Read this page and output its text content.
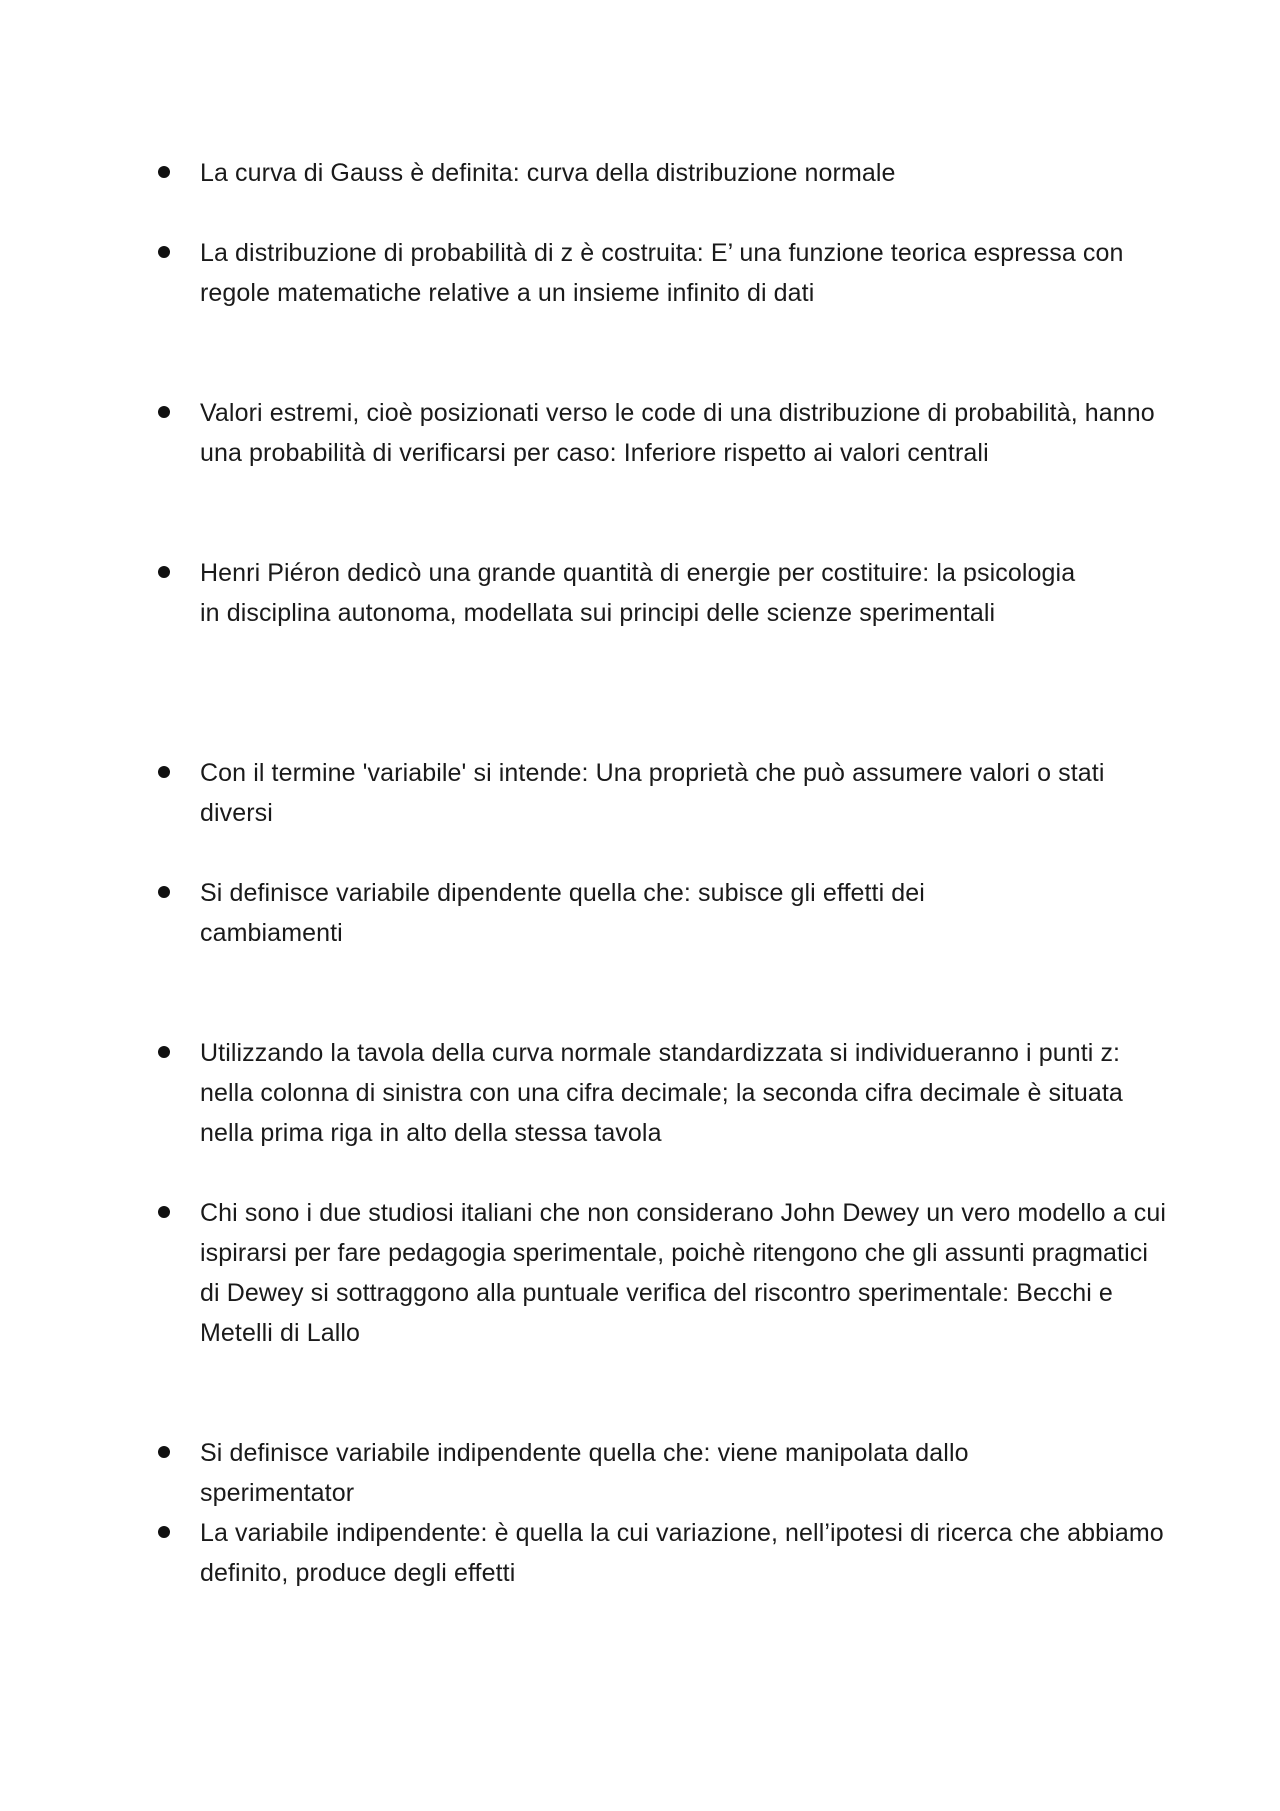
La curva di Gauss è definita: curva della distribuzione normale
La distribuzione di probabilità di z è costruita: E’ una funzione teorica espressa con regole matematiche relative a un insieme infinito di dati
Valori estremi, cioè posizionati verso le code di una distribuzione di probabilità, hanno una probabilità di verificarsi per caso: Inferiore rispetto ai valori centrali
Henri Piéron dedicò una grande quantità di energie per costituire: la psicologia in disciplina autonoma, modellata sui principi delle scienze sperimentali
Con il termine 'variabile' si intende: Una proprietà che può assumere valori o stati diversi
Si definisce variabile dipendente quella che: subisce gli effetti dei cambiamenti
Utilizzando la tavola della curva normale standardizzata si individueranno i punti z: nella colonna di sinistra con una cifra decimale; la seconda cifra decimale è situata nella prima riga in alto della stessa tavola
Chi sono i due studiosi italiani che non considerano John Dewey un vero modello a cui ispirarsi per fare pedagogia sperimentale, poichè ritengono che gli assunti pragmatici di Dewey si sottraggono alla puntuale verifica del riscontro sperimentale: Becchi e Metelli di Lallo
Si definisce variabile indipendente quella che: viene manipolata dallo sperimentator
La variabile indipendente: è quella la cui variazione, nell’ipotesi di ricerca che abbiamo definito, produce degli effetti
